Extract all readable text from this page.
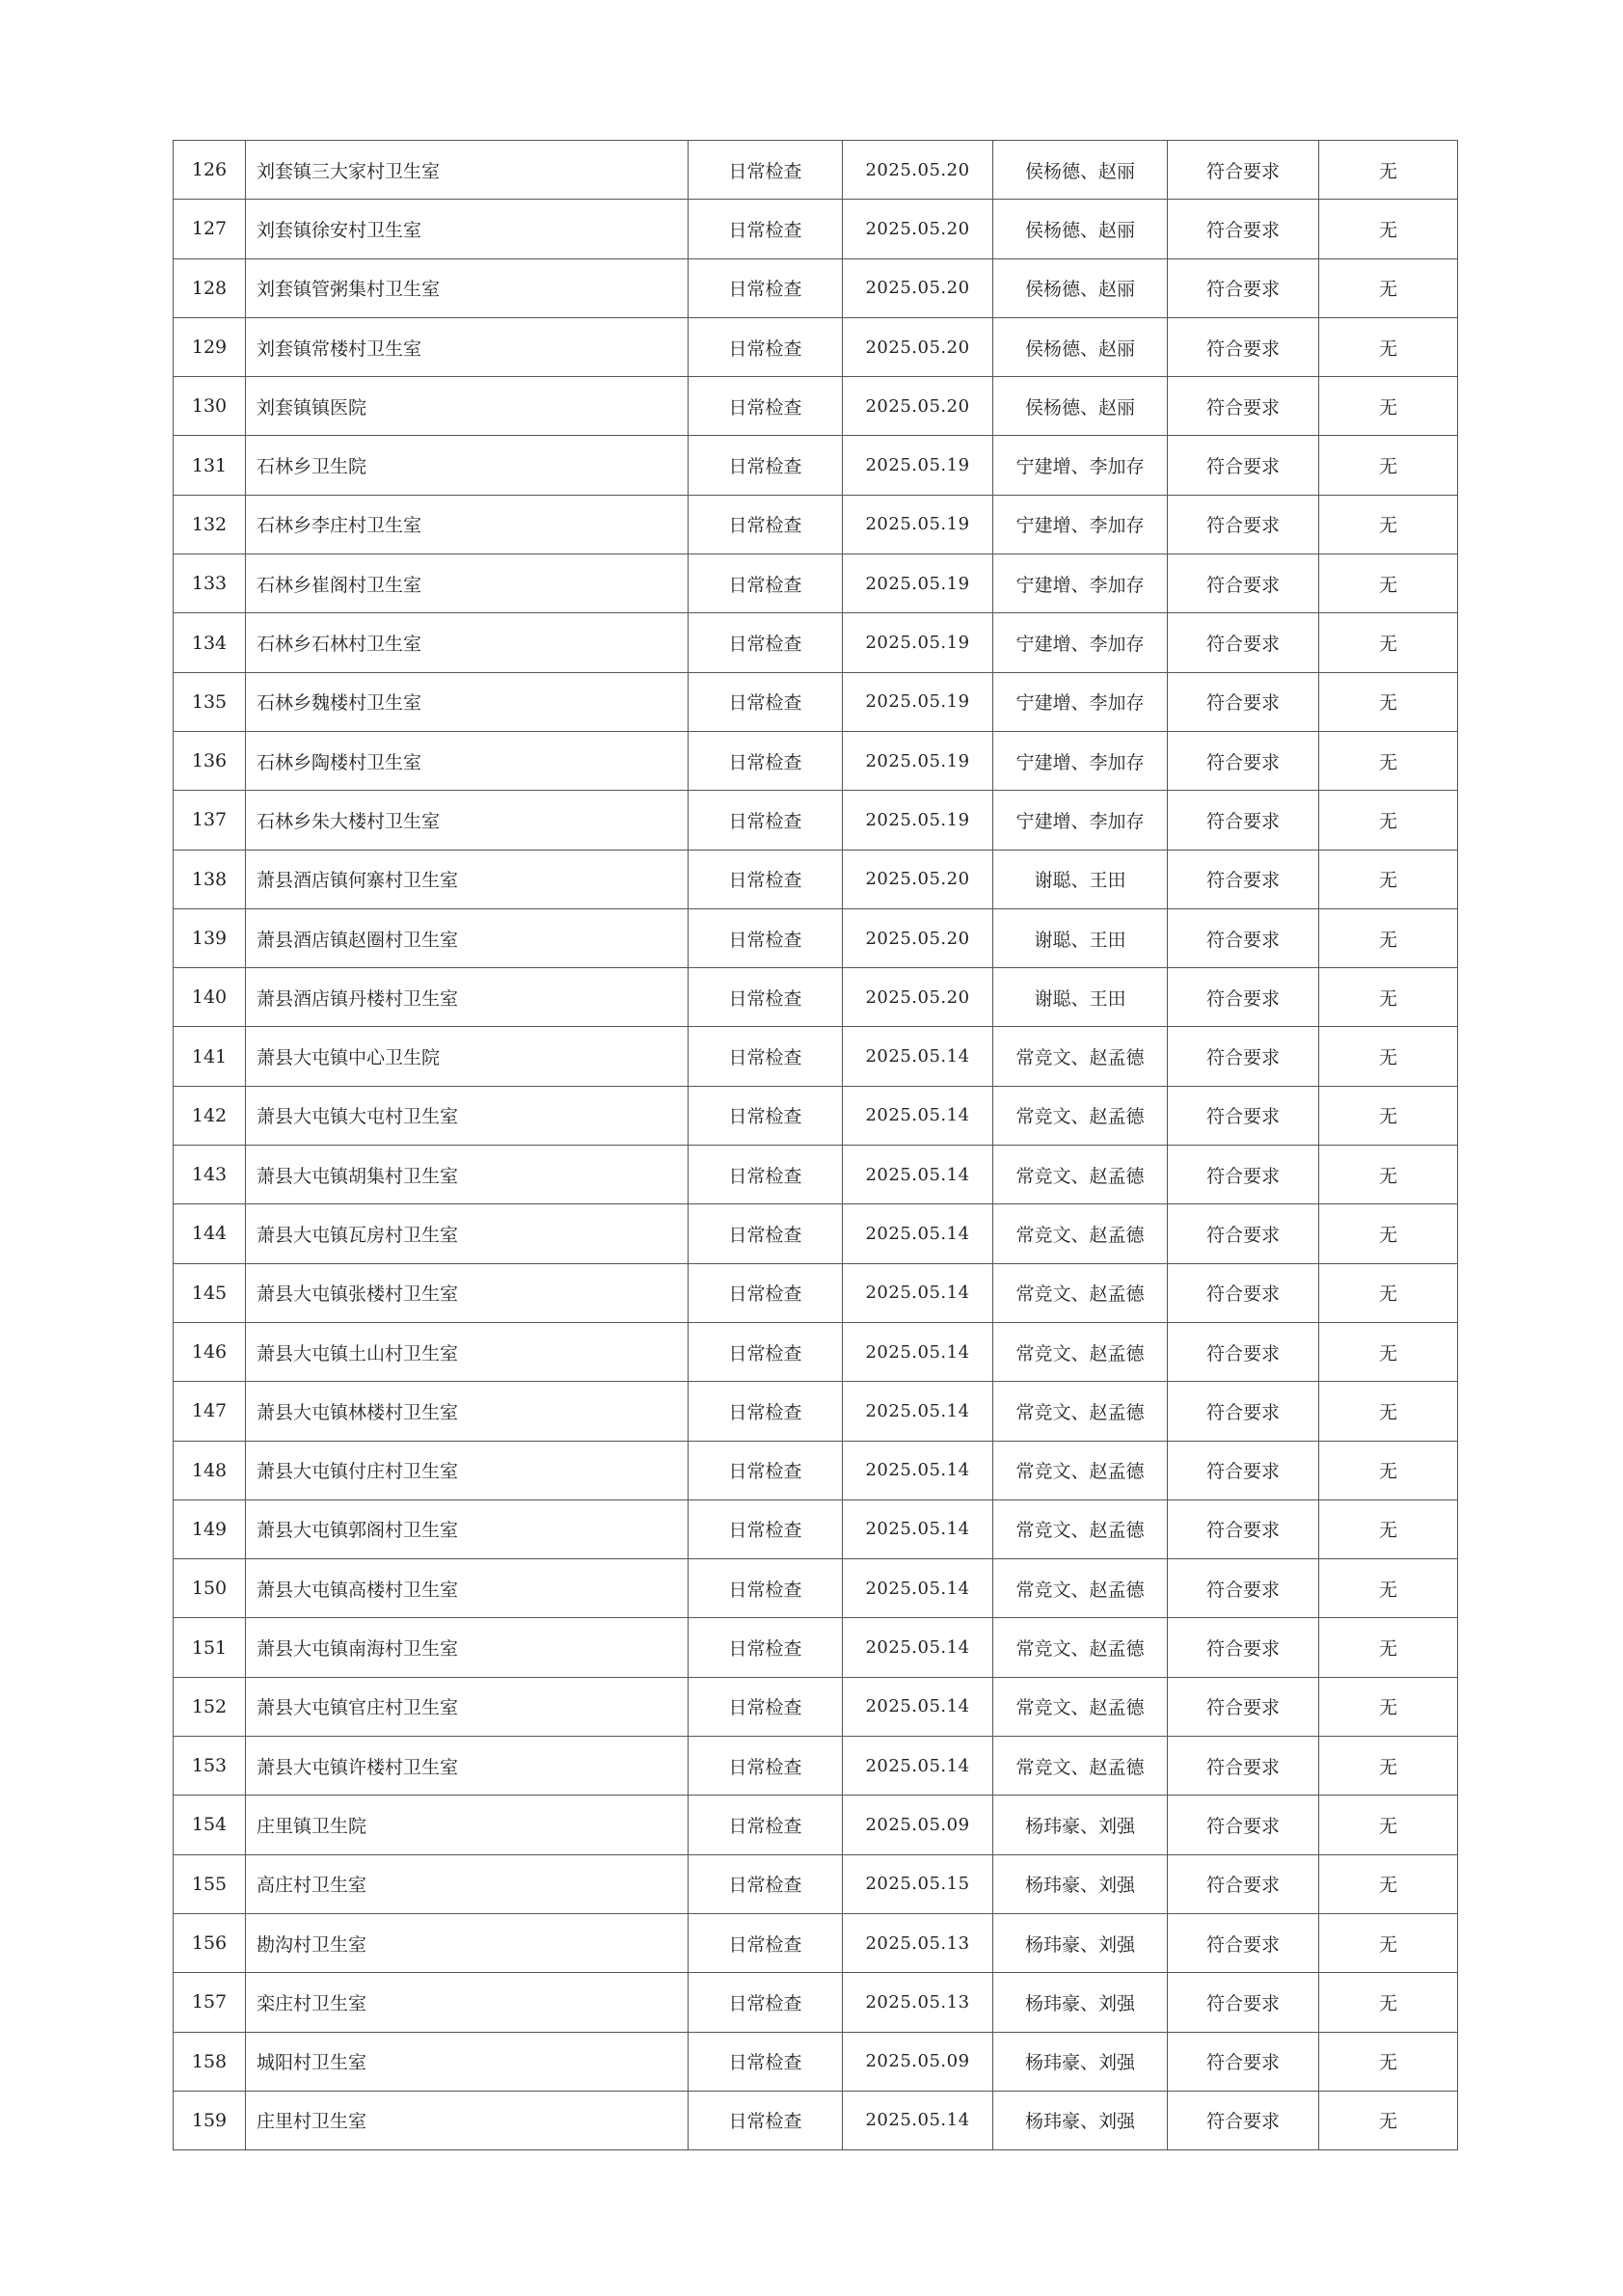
126	刘套镇三大家村卫生室	日常检查	2025.05.20	侯杨德、赵丽	符合要求	无
127	刘套镇徐安村卫生室	日常检查	2025.05.20	侯杨德、赵丽	符合要求	无
128	刘套镇管粥集村卫生室	日常检查	2025.05.20	侯杨德、赵丽	符合要求	无
129	刘套镇常楼村卫生室	日常检查	2025.05.20	侯杨德、赵丽	符合要求	无
130	刘套镇镇医院	日常检查	2025.05.20	侯杨德、赵丽	符合要求	无
131	石林乡卫生院	日常检查	2025.05.19	宁建增、李加存	符合要求	无
132	石林乡李庄村卫生室	日常检查	2025.05.19	宁建增、李加存	符合要求	无
133	石林乡崔阁村卫生室	日常检查	2025.05.19	宁建增、李加存	符合要求	无
134	石林乡石林村卫生室	日常检查	2025.05.19	宁建增、李加存	符合要求	无
135	石林乡魏楼村卫生室	日常检查	2025.05.19	宁建增、李加存	符合要求	无
136	石林乡陶楼村卫生室	日常检查	2025.05.19	宁建增、李加存	符合要求	无
137	石林乡朱大楼村卫生室	日常检查	2025.05.19	宁建增、李加存	符合要求	无
138	萧县酒店镇何寨村卫生室	日常检查	2025.05.20	谢聪、王田	符合要求	无
139	萧县酒店镇赵圈村卫生室	日常检查	2025.05.20	谢聪、王田	符合要求	无
140	萧县酒店镇丹楼村卫生室	日常检查	2025.05.20	谢聪、王田	符合要求	无
141	萧县大屯镇中心卫生院	日常检查	2025.05.14	常竞文、赵孟德	符合要求	无
142	萧县大屯镇大屯村卫生室	日常检查	2025.05.14	常竞文、赵孟德	符合要求	无
143	萧县大屯镇胡集村卫生室	日常检查	2025.05.14	常竞文、赵孟德	符合要求	无
144	萧县大屯镇瓦房村卫生室	日常检查	2025.05.14	常竞文、赵孟德	符合要求	无
145	萧县大屯镇张楼村卫生室	日常检查	2025.05.14	常竞文、赵孟德	符合要求	无
146	萧县大屯镇土山村卫生室	日常检查	2025.05.14	常竞文、赵孟德	符合要求	无
147	萧县大屯镇林楼村卫生室	日常检查	2025.05.14	常竞文、赵孟德	符合要求	无
148	萧县大屯镇付庄村卫生室	日常检查	2025.05.14	常竞文、赵孟德	符合要求	无
149	萧县大屯镇郭阁村卫生室	日常检查	2025.05.14	常竞文、赵孟德	符合要求	无
150	萧县大屯镇高楼村卫生室	日常检查	2025.05.14	常竞文、赵孟德	符合要求	无
151	萧县大屯镇南海村卫生室	日常检查	2025.05.14	常竞文、赵孟德	符合要求	无
152	萧县大屯镇官庄村卫生室	日常检查	2025.05.14	常竞文、赵孟德	符合要求	无
153	萧县大屯镇许楼村卫生室	日常检查	2025.05.14	常竞文、赵孟德	符合要求	无
154	庄里镇卫生院	日常检查	2025.05.09	杨玮豪、刘强	符合要求	无
155	高庄村卫生室	日常检查	2025.05.15	杨玮豪、刘强	符合要求	无
156	勘沟村卫生室	日常检查	2025.05.13	杨玮豪、刘强	符合要求	无
157	栾庄村卫生室	日常检查	2025.05.13	杨玮豪、刘强	符合要求	无
158	城阳村卫生室	日常检查	2025.05.09	杨玮豪、刘强	符合要求	无
159	庄里村卫生室	日常检查	2025.05.14	杨玮豪、刘强	符合要求	无
